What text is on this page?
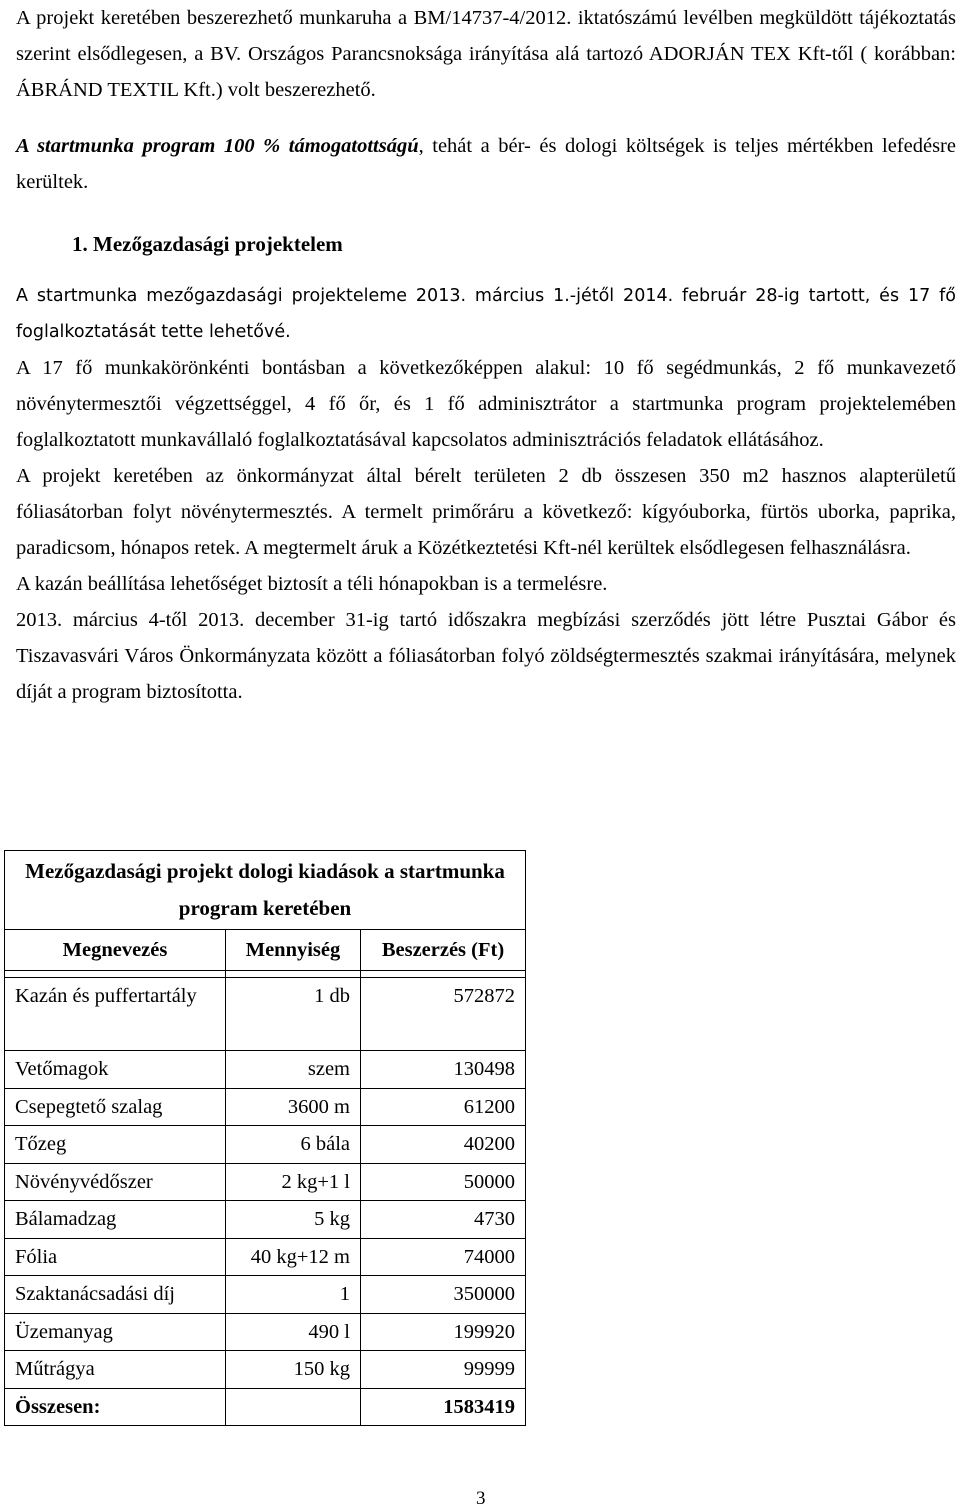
A projekt keretében beszerezhető munkaruha a BM/14737-4/2012. iktatószámú levélben megküldött tájékoztatás szerint elsődlegesen, a BV. Országos Parancsnoksága irányítása alá tartozó ADORJÁN TEX Kft-től ( korábban: ÁBRÁND TEXTIL Kft.) volt beszerezhető.

A startmunka program 100 % támogatottságú, tehát a bér- és dologi költségek is teljes mértékben lefedésre kerültek.

1. Mezőgazdasági projektelem

A startmunka mezőgazdasági projekteleme 2013. március 1.-jétől 2014. február 28-ig tartott, és 17 fő foglalkoztatását tette lehetővé.

A 17 fő munkakörönkénti bontásban a következőképpen alakul: 10 fő segédmunkás, 2 fő munkavezető növénytermesztői végzettséggel, 4 fő őr, és 1 fő adminisztrátor a startmunka program projektelemében foglalkoztatott munkavállaló foglalkoztatásával kapcsolatos adminisztrációs feladatok ellátásához.

A projekt keretében az önkormányzat által bérelt területen 2 db összesen 350 m2 hasznos alapterületű fóliasátorban folyt növénytermesztés. A termelt primőráru a következő: kígyóuborka, fürtös uborka, paprika, paradicsom, hónapos retek. A megtermelt áruk a Közétkeztetési Kft-nél kerültek elsődlegesen felhasználásra.

A kazán beállítása lehetőséget biztosít a téli hónapokban is a termelésre.

2013. március 4-től 2013. december 31-ig tartó időszakra megbízási szerződés jött létre Pusztai Gábor és Tiszavasvári Város Önkormányzata között a fóliasátorban folyó zöldségtermesztés szakmai irányítására, melynek díját a program biztosította.

Mezőgazdasági projekt dologi kiadások a startmunka program keretében		
Megnevezés	Mennyiség	Beszerzés (Ft)

Kazán és puffertartály	1 db	572872
Vetőmagok	szem	130498
Csepegtető szalag	3600 m	61200
Tőzeg	6 bála	40200
Növényvédőszer	2 kg+1 l	50000
Bálamadzag	5 kg	4730
Fólia	40 kg+12 m	74000
Szaktanácsadási díj	1	350000
Üzemanyag	490 l	199920
Műtrágya	150 kg	99999
Összesen:		1583419
3
